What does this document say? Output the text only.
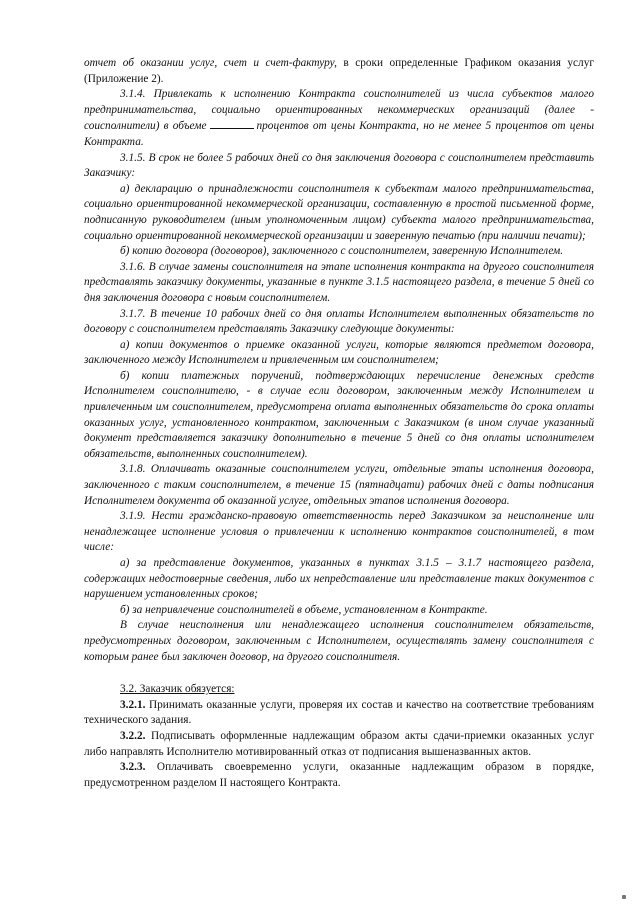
отчет об оказании услуг, счет и счет-фактуру, в сроки определенные Графиком оказания услуг (Приложение 2).

3.1.4. Привлекать к исполнению Контракта соисполнителей из числа субъектов малого предпринимательства, социально ориентированных некоммерческих организаций (далее - соисполнители) в объеме	процентов от цены Контракта, но не менее 5 процентов от цены Контракта.

3.1.5. В срок не более 5 рабочих дней со дня заключения договора с соисполнителем представить Заказчику:

а) декларацию о принадлежности соисполнителя к субъектам малого предпринимательства, социально ориентированной некоммерческой организации, составленную в простой письменной форме, подписанную руководителем (иным уполномоченным лицом) субъекта малого предпринимательства, социально ориентированной некоммерческой организации и заверенную печатью (при наличии печати);

б) копию договора (договоров), заключенного с соисполнителем, заверенную Исполнителем.

3.1.6. В случае замены соисполнителя на этапе исполнения контракта на другого соисполнителя представлять заказчику документы, указанные в пункте 3.1.5 настоящего раздела, в течение 5 дней со дня заключения договора с новым соисполнителем.

3.1.7. В течение 10 рабочих дней со дня оплаты Исполнителем выполненных обязательств по договору с соисполнителем представлять Заказчику следующие документы:

а) копии документов о приемке оказанной услуги, которые являются предметом договора, заключенного между Исполнителем и привлеченным им соисполнителем;

б) копии платежных поручений, подтверждающих перечисление денежных средств Исполнителем соисполнителю, - в случае если договором, заключенным между Исполнителем и привлеченным им соисполнителем, предусмотрена оплата выполненных обязательств до срока оплаты оказанных услуг, установленного контрактом, заключенным с Заказчиком (в ином случае указанный документ представляется заказчику дополнительно в течение 5 дней со дня оплаты исполнителем обязательств, выполненных соисполнителем).

3.1.8. Оплачивать оказанные соисполнителем услуги, отдельные этапы исполнения договора, заключенного с таким соисполнителем, в течение 15 (пятнадцати) рабочих дней с даты подписания Исполнителем документа об оказанной услуге, отдельных этапов исполнения договора.

3.1.9. Нести гражданско-правовую ответственность перед Заказчиком за неисполнение или ненадлежащее исполнение условия о привлечении к исполнению контрактов соисполнителей, в том числе:

а) за представление документов, указанных в пунктах 3.1.5 – 3.1.7 настоящего раздела, содержащих недостоверные сведения, либо их непредставление или представление таких документов с нарушением установленных сроков;

б) за непривлечение соисполнителей в объеме, установленном в Контракте.

В случае неисполнения или ненадлежащего исполнения соисполнителем обязательств, предусмотренных договором, заключенным с Исполнителем, осуществлять замену соисполнителя с которым ранее был заключен договор, на другого соисполнителя.

3.2. Заказчик обязуется:

3.2.1. Принимать оказанные услуги, проверяя их состав и качество на соответствие требованиям технического задания.

3.2.2. Подписывать оформленные надлежащим образом акты сдачи-приемки оказанных услуг либо направлять Исполнителю мотивированный отказ от подписания вышеназванных актов.

3.2.3. Оплачивать своевременно услуги, оказанные надлежащим образом в порядке, предусмотренном разделом II настоящего Контракта.
